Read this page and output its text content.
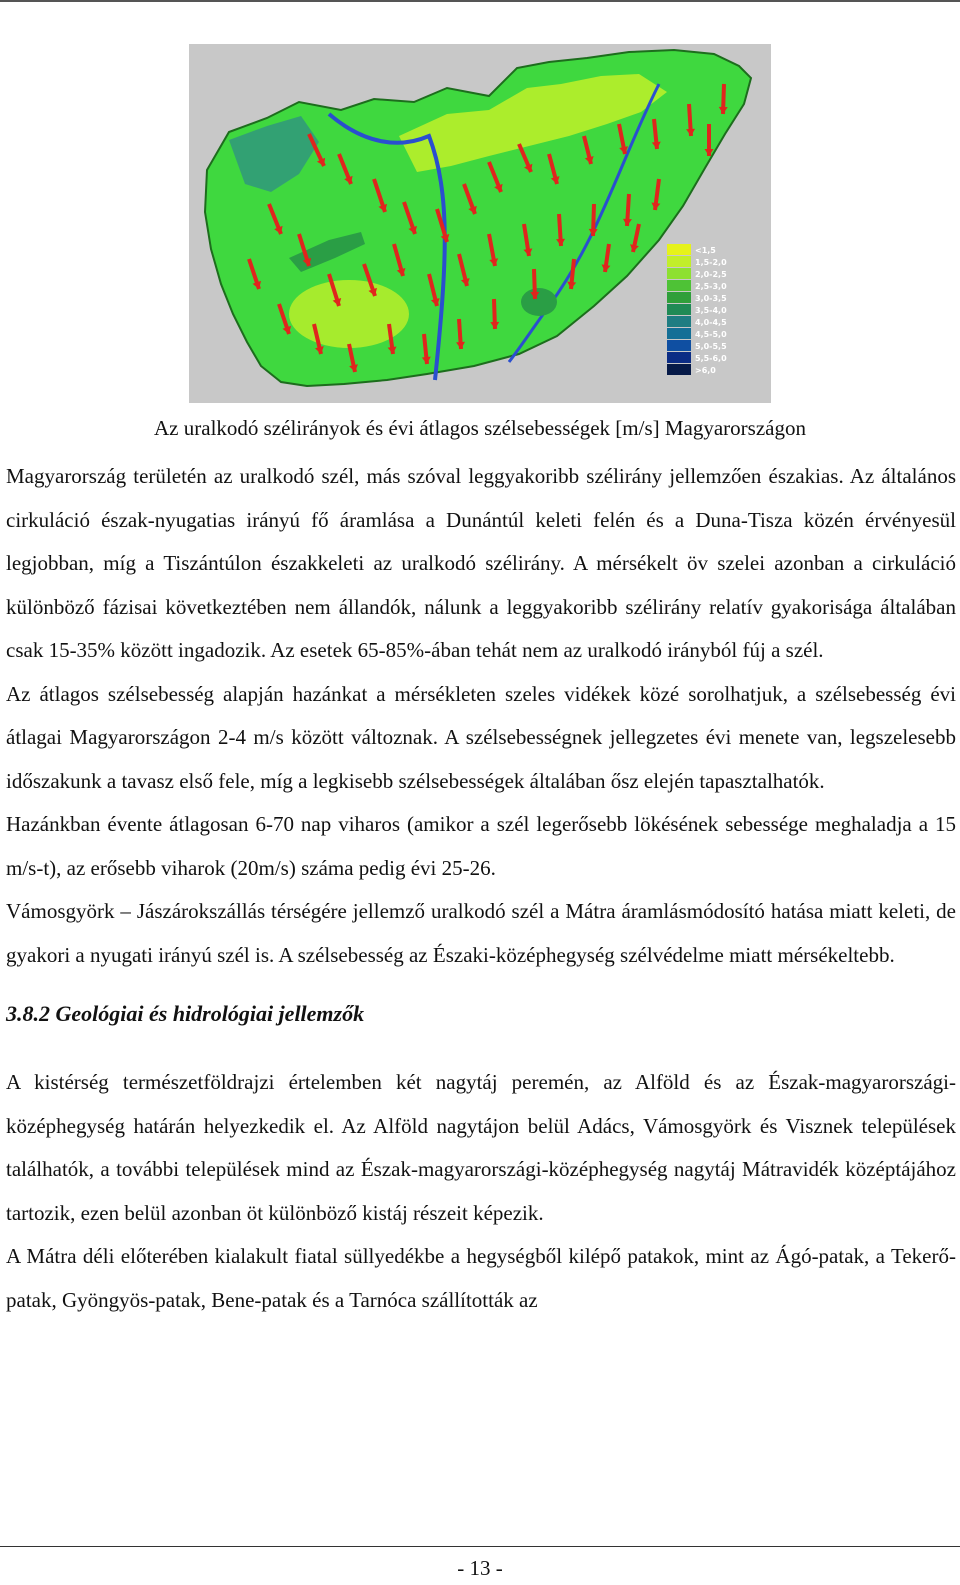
<1,5
1,5-2,0
2,0-2,5
2,5-3,0
3,0-3,5
3,5-4,0
4,0-4,5
4,5-5,0
5,0-5,5
5,5-6,0
>6,0
Az uralkodó szélirányok és évi átlagos szélsebességek [m/s] Magyarországon

Magyarország területén az uralkodó szél, más szóval leggyakoribb szélirány jellemzően északias. Az általános cirkuláció észak-nyugatias irányú fő áramlása a Dunántúl keleti felén és a Duna-Tisza közén érvényesül legjobban, míg a Tiszántúlon északkeleti az uralkodó szélirány. A mérsékelt öv szelei azonban a cirkuláció különböző fázisai következtében nem állandók, nálunk a leggyakoribb szélirány relatív gyakorisága általában csak 15-35% között ingadozik. Az esetek 65-85%-ában tehát nem az uralkodó irányból fúj a szél.

Az átlagos szélsebesség alapján hazánkat a mérsékleten szeles vidékek közé sorolhatjuk, a szélsebesség évi átlagai Magyarországon 2-4 m/s között változnak. A szélsebességnek jellegzetes évi menete van, legszelesebb időszakunk a tavasz első fele, míg a legkisebb szélsebességek általában ősz elején tapasztalhatók.

Hazánkban évente átlagosan 6-70 nap viharos (amikor a szél legerősebb lökésének sebessége meghaladja a 15 m/s-t), az erősebb viharok (20m/s) száma pedig évi 25-26.

Vámosgyörk – Jászárokszállás térségére jellemző uralkodó szél a Mátra áramlásmódosító hatása miatt keleti, de gyakori a nyugati irányú szél is. A szélsebesség az Északi-középhegység szélvédelme miatt mérsékeltebb.

3.8.2 Geológiai és hidrológiai jellemzők

A kistérség természetföldrajzi értelemben két nagytáj peremén, az Alföld és az Észak-magyarországi-középhegység határán helyezkedik el. Az Alföld nagytájon belül Adács, Vámosgyörk és Visznek települések találhatók, a további települések mind az Észak-magyarországi-középhegység nagytáj Mátravidék középtájához tartozik, ezen belül azonban öt különböző kistáj részeit képezik.

A Mátra déli előterében kialakult fiatal süllyedékbe a hegységből kilépő patakok, mint az Ágó-patak, a Tekerő-patak, Gyöngyös-patak, Bene-patak és a Tarnóca szállították az

- 13 -
